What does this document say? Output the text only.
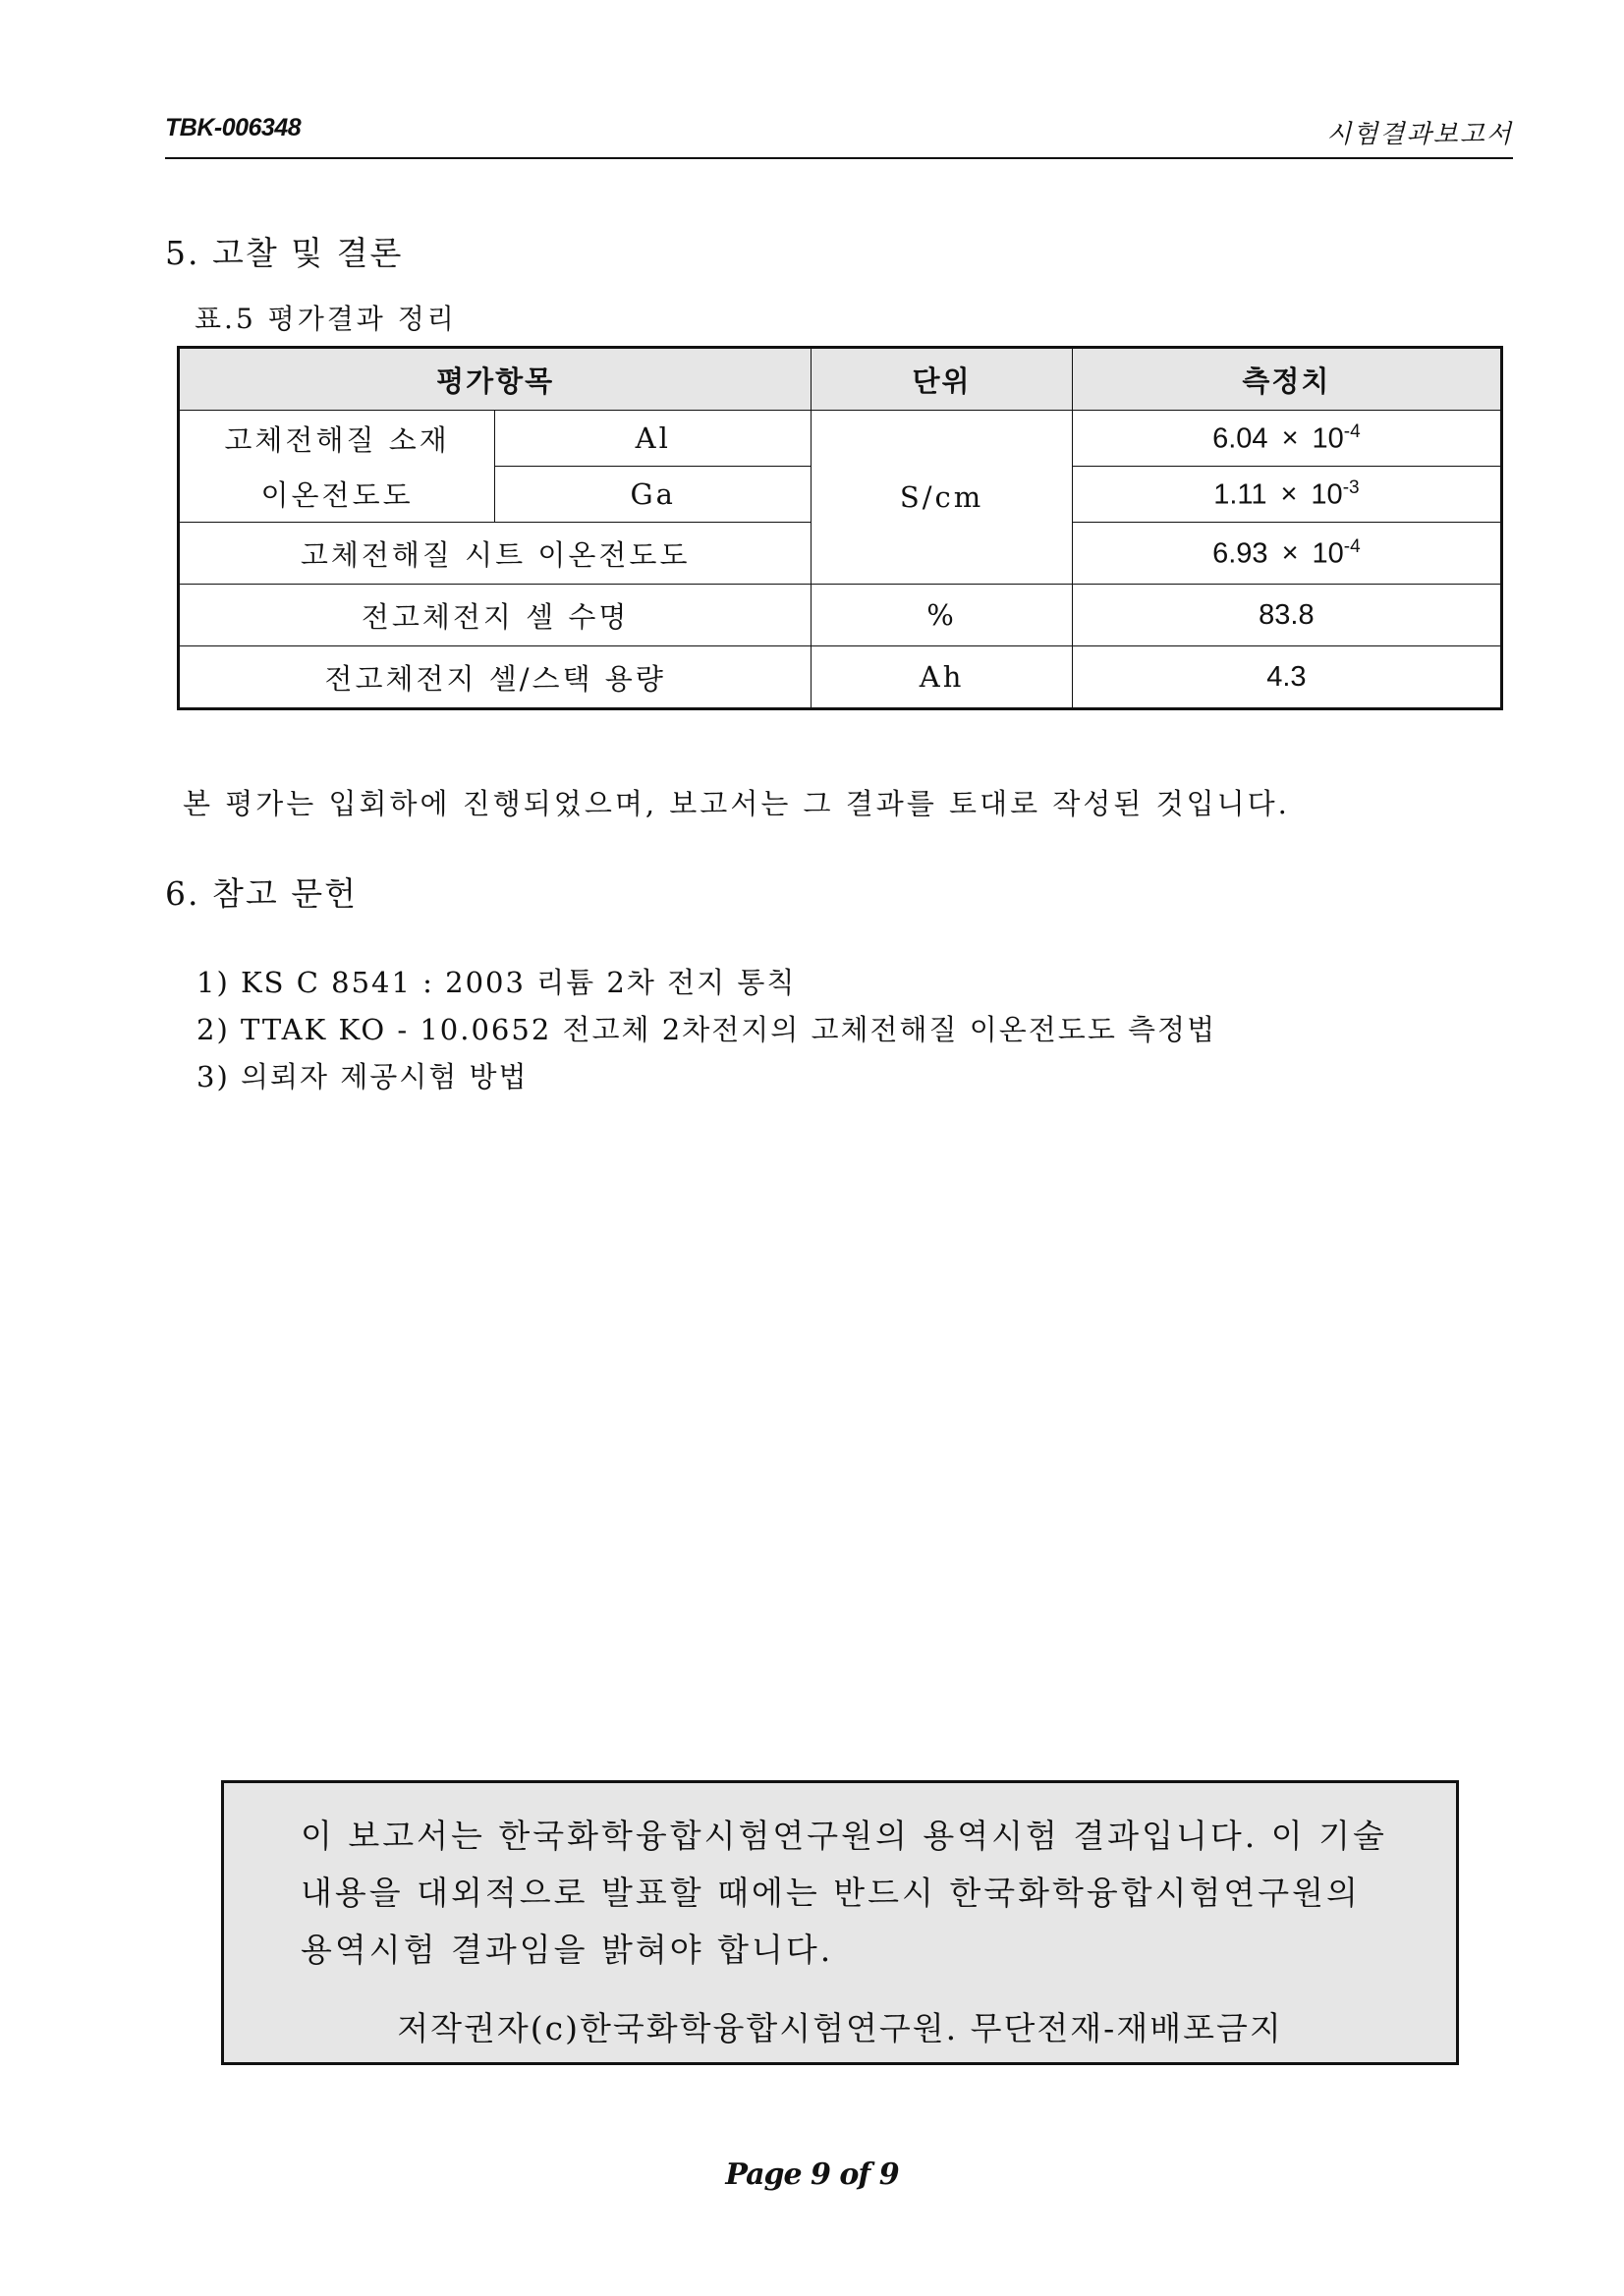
TBK-006348	시험결과보고서
5. 고찰 및 결론
표.5 평가결과 정리
평가항목		단위	측정치
고체전해질 소재	Al	S/cm	$6.04 \times 10^{-4}$
이온전도도	Ga		$1.11 \times 10^{-3}$
고체전해질 시트 이온전도도			$6.93 \times 10^{-4}$
전고체전지 셀 수명		%	83.8
전고체전지 셀/스택 용량		Ah	4.3
본 평가는 입회하에 진행되었으며, 보고서는 그 결과를 토대로 작성된 것입니다.
6. 참고 문헌
1) KS C 8541 : 2003 리튬 2차 전지 통칙
2) TTAK KO - 10.0652 전고체 2차전지의 고체전해질 이온전도도 측정법
3) 의뢰자 제공시험 방법
이 보고서는 한국화학융합시험연구원의 용역시험 결과입니다. 이 기술
내용을 대외적으로 발표할 때에는 반드시 한국화학융합시험연구원의
용역시험 결과임을 밝혀야 합니다.
저작권자(c)한국화학융합시험연구원. 무단전재-재배포금지
Page 9 of 9
